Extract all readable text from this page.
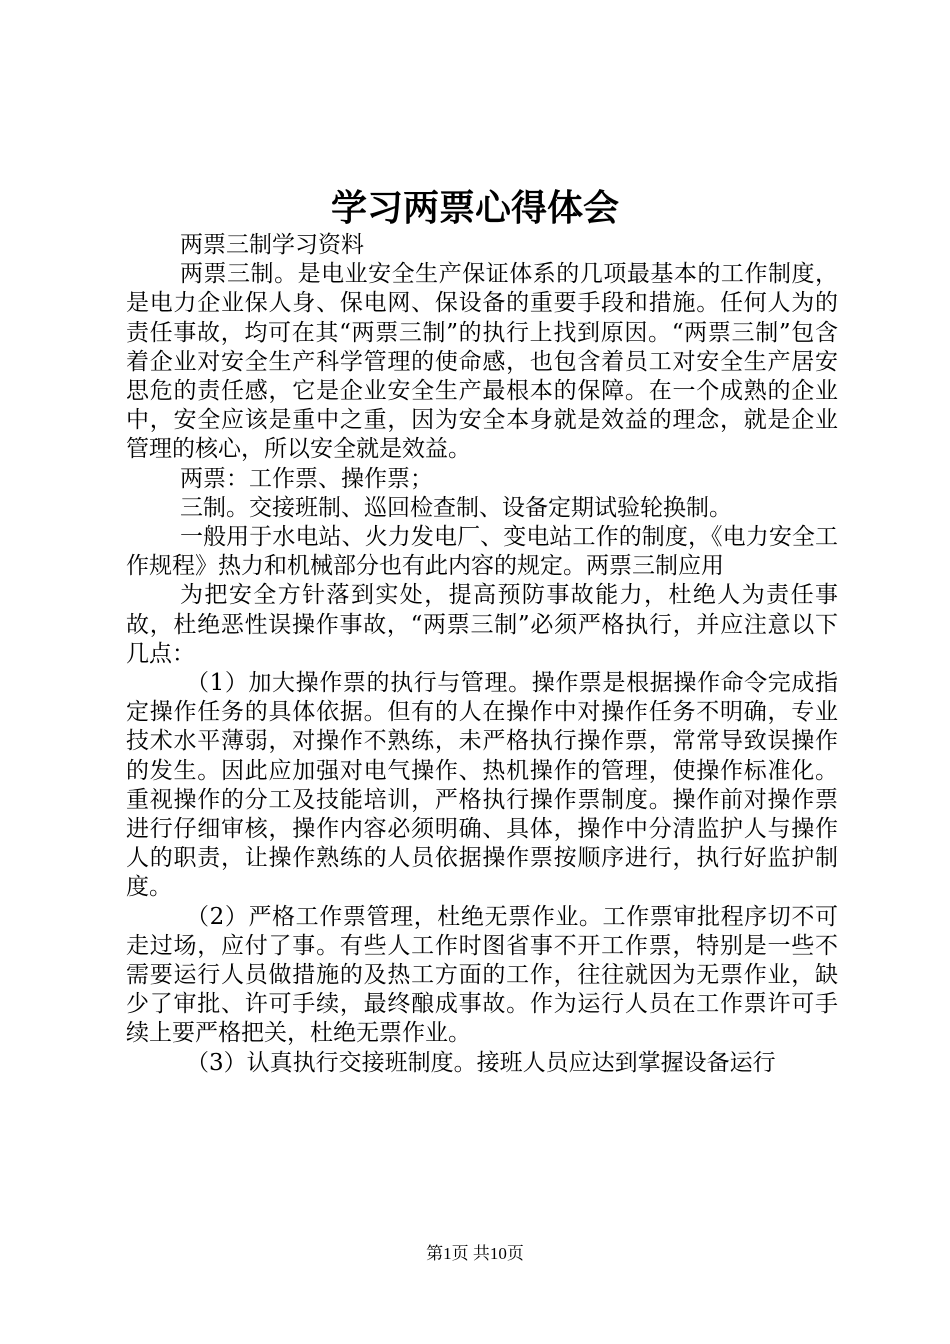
学习两票心得体会

两票三制学习资料

两票三制。是电业安全生产保证体系的几项最基本的工作制度，是电力企业保人身、保电网、保设备的重要手段和措施。任何人为的责任事故，均可在其“两票三制”的执行上找到原因。“两票三制”包含着企业对安全生产科学管理的使命感，也包含着员工对安全生产居安思危的责任感，它是企业安全生产最根本的保障。在一个成熟的企业中，安全应该是重中之重，因为安全本身就是效益的理念，就是企业管理的核心，所以安全就是效益。

两票：工作票、操作票；

三制。交接班制、巡回检查制、设备定期试验轮换制。

一般用于水电站、火力发电厂、变电站工作的制度，《电力安全工作规程》热力和机械部分也有此内容的规定。两票三制应用

为把安全方针落到实处，提高预防事故能力，杜绝人为责任事故，杜绝恶性误操作事故，“两票三制”必须严格执行，并应注意以下几点：

（1）加大操作票的执行与管理。操作票是根据操作命令完成指定操作任务的具体依据。但有的人在操作中对操作任务不明确，专业技术水平薄弱，对操作不熟练，未严格执行操作票，常常导致误操作的发生。因此应加强对电气操作、热机操作的管理，使操作标准化。重视操作的分工及技能培训，严格执行操作票制度。操作前对操作票进行仔细审核，操作内容必须明确、具体，操作中分清监护人与操作人的职责，让操作熟练的人员依据操作票按顺序进行，执行好监护制度。

（2）严格工作票管理，杜绝无票作业。工作票审批程序切不可走过场，应付了事。有些人工作时图省事不开工作票，特别是一些不需要运行人员做措施的及热工方面的工作，往往就因为无票作业，缺少了审批、许可手续，最终酿成事故。作为运行人员在工作票许可手续上要严格把关，杜绝无票作业。

（3）认真执行交接班制度。接班人员应达到掌握设备运行

第1页 共10页
